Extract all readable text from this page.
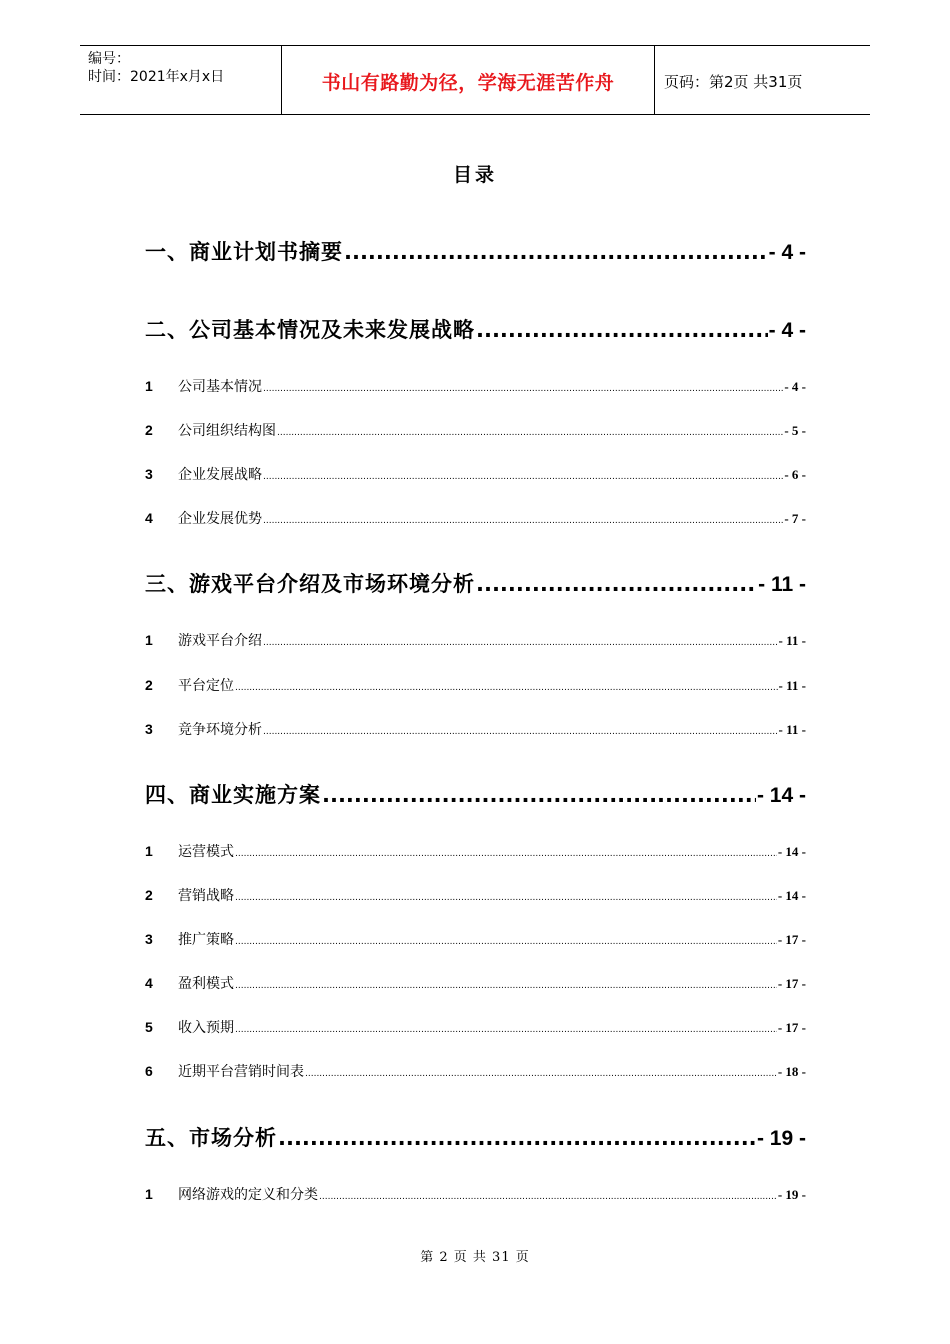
编号：
时间：2021年x月x日	书山有路勤为径，学海无涯苦作舟	页码：第2页 共31页
目录
一、商业计划书摘要 .....	- 4 -
二、公司基本情况及未来发展战略 .....	- 4 -
1	公司基本情况 .....	- 4 -
2	公司组织结构图 .....	- 5 -
3	企业发展战略 .....	- 6 -
4	企业发展优势 .....	- 7 -
三、游戏平台介绍及市场环境分析 .....	- 11 -
1	游戏平台介绍 .....	- 11 -
2	平台定位 .....	- 11 -
3	竞争环境分析 .....	- 11 -
四、商业实施方案 .....	- 14 -
1	运营模式 .....	- 14 -
2	营销战略 .....	- 14 -
3	推广策略 .....	- 17 -
4	盈利模式 .....	- 17 -
5	收入预期 .....	- 17 -
6	近期平台营销时间表 .....	- 18 -
五、市场分析 .....	- 19 -
1	网络游戏的定义和分类 .....	- 19 -
第 2 页 共 31 页
